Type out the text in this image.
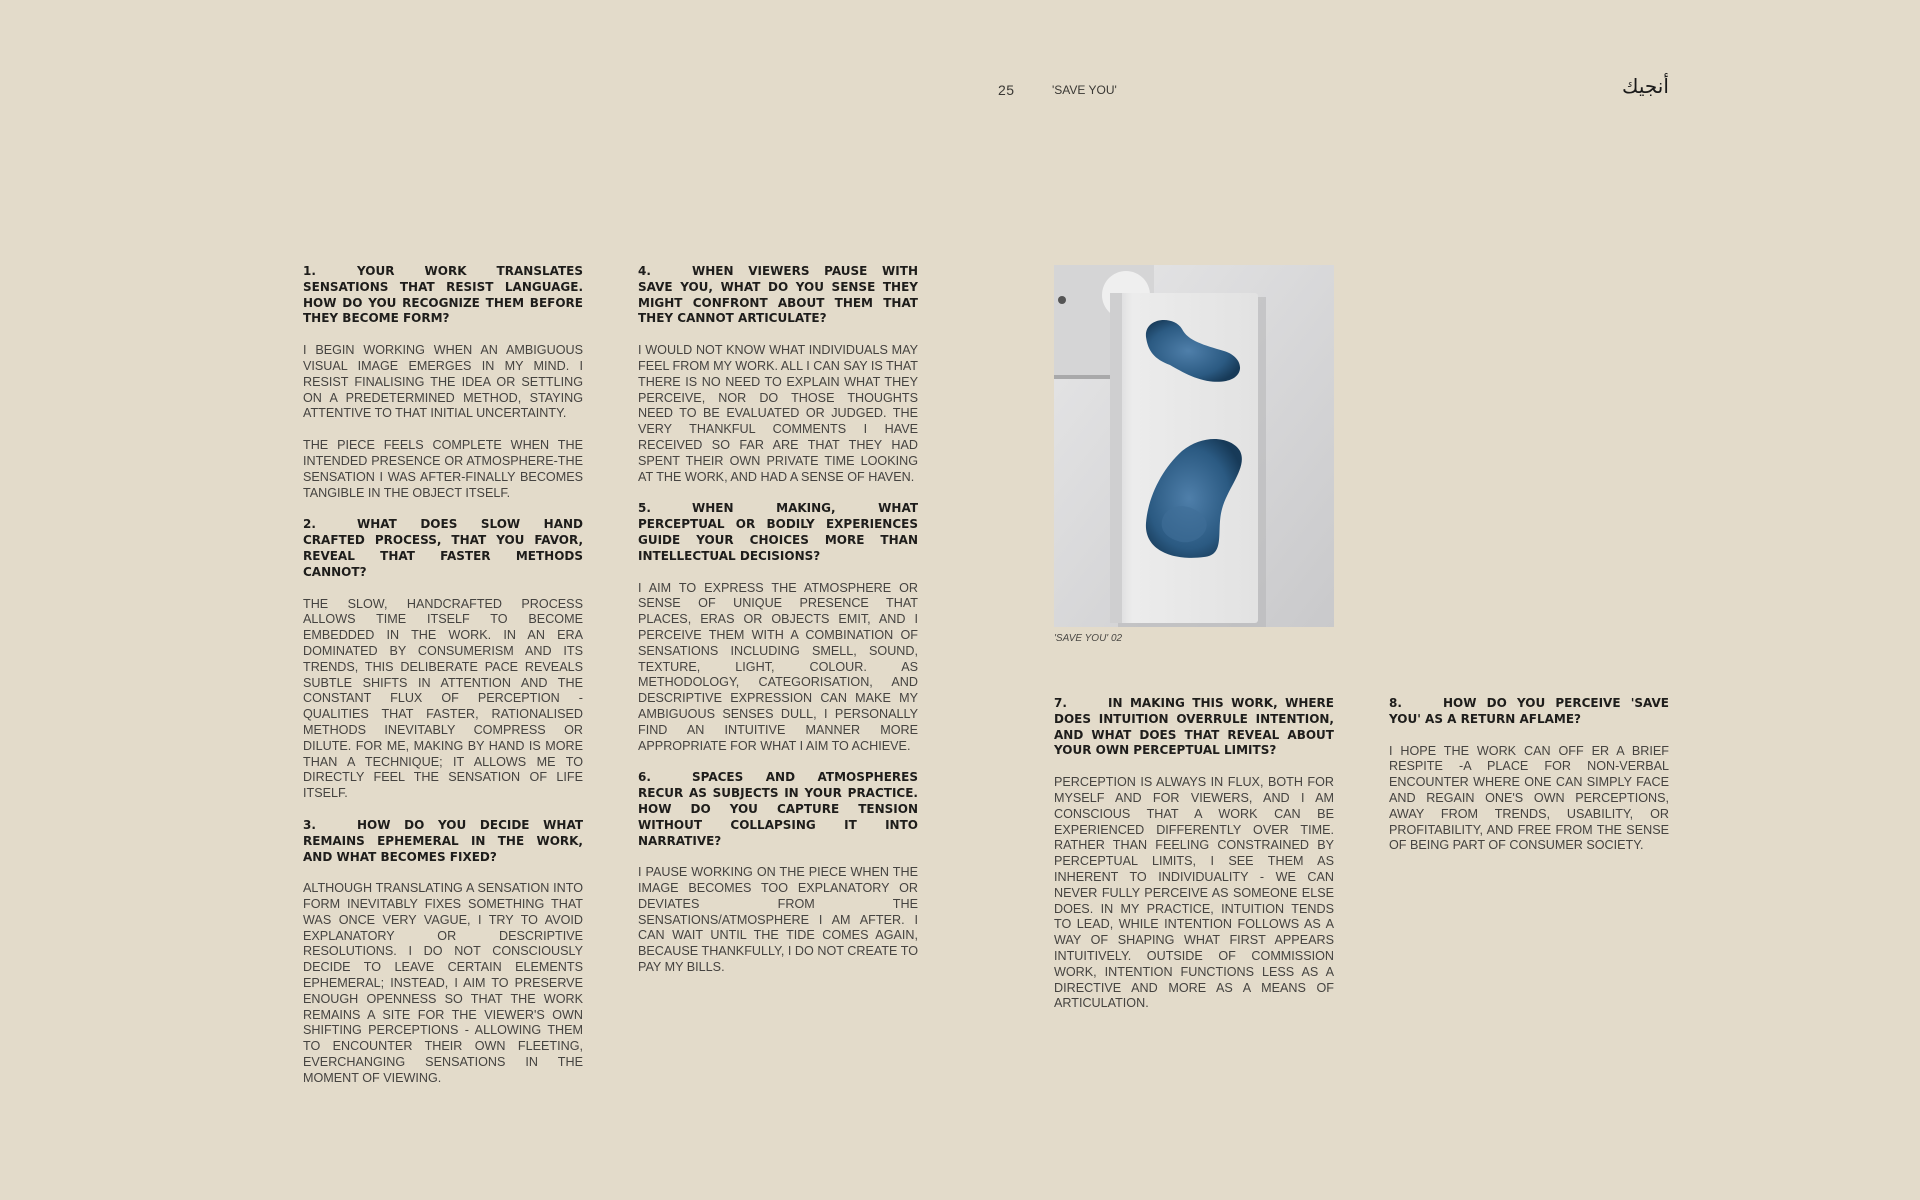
25	'SAVE YOU'	أنجيك
1.	YOUR WORK TRANSLATES SENSATIONS THAT RESIST LANGUAGE. HOW DO YOU RECOGNIZE THEM BEFORE THEY BECOME FORM?

I BEGIN WORKING WHEN AN AMBIGUOUS VISUAL IMAGE EMERGES IN MY MIND. I RESIST FINALISING THE IDEA OR SETTLING ON A PREDETERMINED METHOD, STAYING ATTENTIVE TO THAT INITIAL UNCERTAINTY.

THE PIECE FEELS COMPLETE WHEN THE INTENDED PRESENCE OR ATMOSPHERE-THE SENSATION I WAS AFTER-FINALLY BECOMES TANGIBLE IN THE OBJECT ITSELF.

2.	WHAT DOES SLOW HAND CRAFTED PROCESS, THAT YOU FAVOR, REVEAL THAT FASTER METHODS CANNOT?

THE SLOW, HANDCRAFTED PROCESS ALLOWS TIME ITSELF TO BECOME EMBEDDED IN THE WORK. IN AN ERA DOMINATED BY CONSUMERISM AND ITS TRENDS, THIS DELIBERATE PACE REVEALS SUBTLE SHIFTS IN ATTENTION AND THE CONSTANT FLUX OF PERCEPTION - QUALITIES THAT FASTER, RATIONALISED METHODS INEVITABLY COMPRESS OR DILUTE. FOR ME, MAKING BY HAND IS MORE THAN A TECHNIQUE; IT ALLOWS ME TO DIRECTLY FEEL THE SENSATION OF LIFE ITSELF.

3.	HOW DO YOU DECIDE WHAT REMAINS EPHEMERAL IN THE WORK, AND WHAT BECOMES FIXED?

ALTHOUGH TRANSLATING A SENSATION INTO FORM INEVITABLY FIXES SOMETHING THAT WAS ONCE VERY VAGUE, I TRY TO AVOID EXPLANATORY OR DESCRIPTIVE RESOLUTIONS. I DO NOT CONSCIOUSLY DECIDE TO LEAVE CERTAIN ELEMENTS EPHEMERAL; INSTEAD, I AIM TO PRESERVE ENOUGH OPENNESS SO THAT THE WORK REMAINS A SITE FOR THE VIEWER'S OWN SHIFTING PERCEPTIONS - ALLOWING THEM TO ENCOUNTER THEIR OWN FLEETING, EVERCHANGING SENSATIONS IN THE MOMENT OF VIEWING.

4.	WHEN VIEWERS PAUSE WITH SAVE YOU, WHAT DO YOU SENSE THEY MIGHT CONFRONT ABOUT THEM THAT THEY CANNOT ARTICULATE?

I WOULD NOT KNOW WHAT INDIVIDUALS MAY FEEL FROM MY WORK. ALL I CAN SAY IS THAT THERE IS NO NEED TO EXPLAIN WHAT THEY PERCEIVE, NOR DO THOSE THOUGHTS NEED TO BE EVALUATED OR JUDGED. THE VERY THANKFUL COMMENTS I HAVE RECEIVED SO FAR ARE THAT THEY HAD SPENT THEIR OWN PRIVATE TIME LOOKING AT THE WORK, AND HAD A SENSE OF HAVEN.

5.	WHEN MAKING, WHAT PERCEPTUAL OR BODILY EXPERIENCES GUIDE YOUR CHOICES MORE THAN INTELLECTUAL DECISIONS?

I AIM TO EXPRESS THE ATMOSPHERE OR SENSE OF UNIQUE PRESENCE THAT PLACES, ERAS OR OBJECTS EMIT, AND I PERCEIVE THEM WITH A COMBINATION OF SENSATIONS INCLUDING SMELL, SOUND, TEXTURE, LIGHT, COLOUR. AS METHODOLOGY, CATEGORISATION, AND DESCRIPTIVE EXPRESSION CAN MAKE MY AMBIGUOUS SENSES DULL, I PERSONALLY FIND AN INTUITIVE MANNER MORE APPROPRIATE FOR WHAT I AIM TO ACHIEVE.

6.	SPACES AND ATMOSPHERES RECUR AS SUBJECTS IN YOUR PRACTICE. HOW DO YOU CAPTURE TENSION WITHOUT COLLAPSING IT INTO NARRATIVE?

I PAUSE WORKING ON THE PIECE WHEN THE IMAGE BECOMES TOO EXPLANATORY OR DEVIATES FROM THE SENSATIONS/ATMOSPHERE I AM AFTER. I CAN WAIT UNTIL THE TIDE COMES AGAIN, BECAUSE THANKFULLY, I DO NOT CREATE TO PAY MY BILLS.

'SAVE YOU' 02
7.	IN MAKING THIS WORK, WHERE DOES INTUITION OVERRULE INTENTION, AND WHAT DOES THAT REVEAL ABOUT YOUR OWN PERCEPTUAL LIMITS?

PERCEPTION IS ALWAYS IN FLUX, BOTH FOR MYSELF AND FOR VIEWERS, AND I AM CONSCIOUS THAT A WORK CAN BE EXPERIENCED DIFFERENTLY OVER TIME. RATHER THAN FEELING CONSTRAINED BY PERCEPTUAL LIMITS, I SEE THEM AS INHERENT TO INDIVIDUALITY - WE CAN NEVER FULLY PERCEIVE AS SOMEONE ELSE DOES. IN MY PRACTICE, INTUITION TENDS TO LEAD, WHILE INTENTION FOLLOWS AS A WAY OF SHAPING WHAT FIRST APPEARS INTUITIVELY. OUTSIDE OF COMMISSION WORK, INTENTION FUNCTIONS LESS AS A DIRECTIVE AND MORE AS A MEANS OF ARTICULATION.

8.	HOW DO YOU PERCEIVE 'SAVE YOU' AS A RETURN AFLAME?

I HOPE THE WORK CAN OFF ER A BRIEF RESPITE -A PLACE FOR NON-VERBAL ENCOUNTER WHERE ONE CAN SIMPLY FACE AND REGAIN ONE'S OWN PERCEPTIONS, AWAY FROM TRENDS, USABILITY, OR PROFITABILITY, AND FREE FROM THE SENSE OF BEING PART OF CONSUMER SOCIETY.
